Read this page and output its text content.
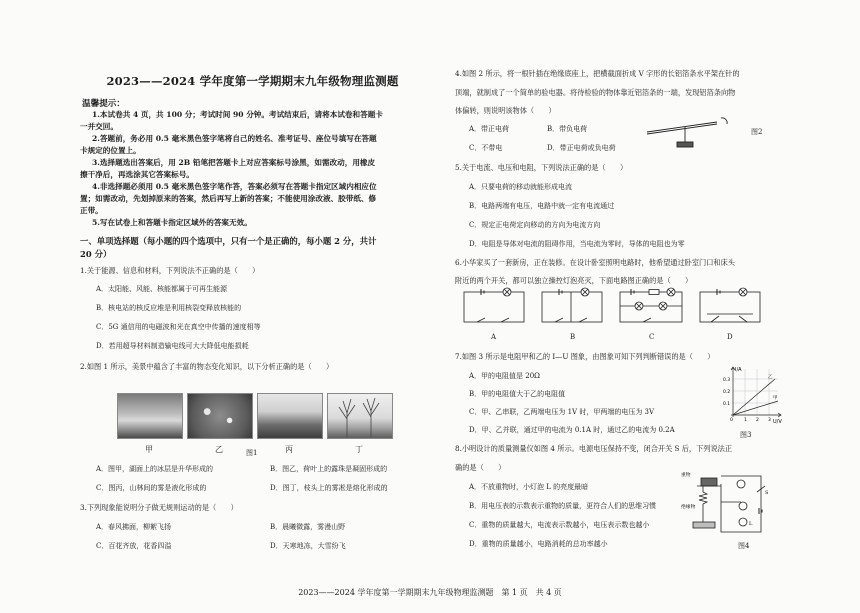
2023——2024 学年度第一学期期末九年级物理监测题
温馨提示：
1.本试卷共 4 页，共 100 分；考试时间 90 分钟。考试结束后，请将本试卷和答题卡
一并交回。
2.答题前，务必用 0.5 毫米黑色签字笔将自己的姓名、准考证号、座位号填写在答题
卡规定的位置上。
3.选择题选出答案后，用 2B 铅笔把答题卡上对应答案标号涂黑，如需改动，用橡皮
擦干净后，再选涂其它答案标号。
4.非选择题必须用 0.5 毫米黑色签字笔作答，答案必须写在答题卡指定区域内相应位
置；如需改动，先划掉原来的答案，然后再写上新的答案；不能使用涂改液、胶带纸、修
正带。
5.写在试卷上和答题卡指定区域外的答案无效。
一、单项选择题（每小题的四个选项中，只有一个是正确的，每小题 2 分，共计
20 分）
1.关于能源、信息和材料，下列说法不正确的是（　　）
A．太阳能、风能、核能都属于可再生能源
B．核电站的核反应堆是利用核裂变释放核能的
C．5G 通信用的电磁波和光在真空中传播的速度相等
D．若用超导材料制造输电线可大大降低电能损耗
2.如图 1 所示，美景中蕴含了丰富的物态变化知识，以下分析正确的是（　　）
甲	乙	丙	丁
图1
A．图甲，湖面上的冰层是升华形成的	B．图乙，荷叶上的露珠是凝固形成的
C．图丙，山林间的雾是液化形成的	D．图丁，枝头上的雾凇是熔化形成的
3.下列现象能说明分子做无规则运动的是（　　）
A．春风拂面，柳絮飞扬	B．晨曦微露，雾漫山野
C．百花齐放，花香四溢	D．天寒地冻，大雪纷飞
4.如图 2 所示，将一根针插在绝缘底座上，把横截面折成 V 字形的长铝箔条水平架在针的
顶端，就制成了一个简单的验电器。将待检验的物体靠近铝箔条的一端，发现铝箔条向物
体偏转，则说明该物体（　　）
A．带正电荷	B．带负电荷
C．不带电	D．带正电荷或负电荷
图2
5.关于电流、电压和电阻，下列说法正确的是（　　）
A．只要电荷的移动就能形成电流
B．电路两端有电压，电路中就一定有电流通过
C．规定正电荷定向移动的方向为电流方向
D．电阻是导体对电流的阻碍作用，当电流为零时，导体的电阻也为零
6.小华家买了一套新房，正在装修。在设计卧室照明电路时，他希望通过卧室门口和床头
附近的两个开关，都可以独立操控灯泡亮灭，下面电路图正确的是（　　）
A	B	C	D
7.如图 3 所示是电阻甲和乙的 I—U 图象，由图象可知下列判断错误的是（　　）
A．甲的电阻值是 20Ω
B．甲的电阻值大于乙的电阻值
C．甲、乙串联，乙两端电压为 1V 时，甲两端的电压为 3V
D．甲、乙并联，通过甲的电流为 0.1A 时，通过乙的电流为 0.2A
I/A
U/V
0.3
0.2
0.1
0 1 2 3
乙
甲
图3
8.小明设计的质量测量仪如图 4 所示。电源电压保持不变，闭合开关 S 后，下列说法正
确的是（　　）
A．不放重物时，小灯泡 L 的亮度最暗
B．用电压表的示数表示重物的质量，更符合人们的思维习惯
C．重物的质量越大，电流表示数越小，电压表示数也越小
D．重物的质量越小，电路消耗的总功率越小
重物
绝缘物
S
L
图4
2023——2024 学年度第一学期期末九年级物理监测题　第 1 页　共 4 页
